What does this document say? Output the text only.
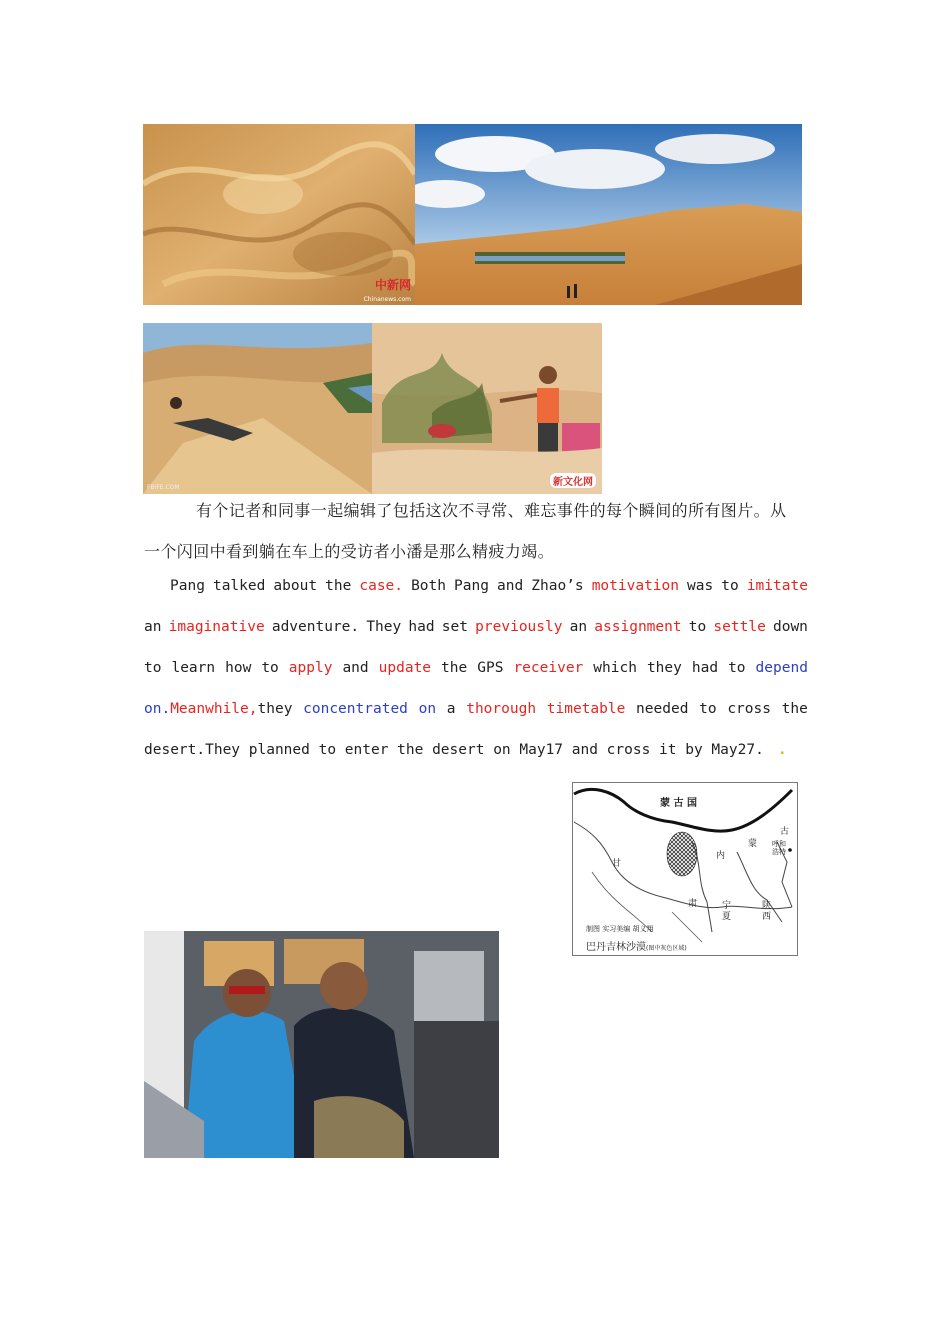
中新网
Chinanews.com
FBIFE.COM	新文化网
有个记者和同事一起编辑了包括这次不寻常、难忘事件的每个瞬间的所有图片。从
一个闪回中看到躺在车上的受访者小潘是那么精疲力竭。
Pang talked about the case. Both Pang and Zhao’s motivation was to imitate
an imaginative adventure. They had set previously an assignment to settle down
to learn how to apply and update the GPS receiver which they had to depend
on. Meanwhile, they concentrated on a thorough timetable needed to cross the
desert.They planned to enter the desert on May17 and cross it by May27. .
蒙 古 国
古
蒙
内
呼和浩特
甘
肃	宁
夏
陕
西
制图 实习美编 胡义翔
巴丹吉林沙漠(图中灰色区域)
